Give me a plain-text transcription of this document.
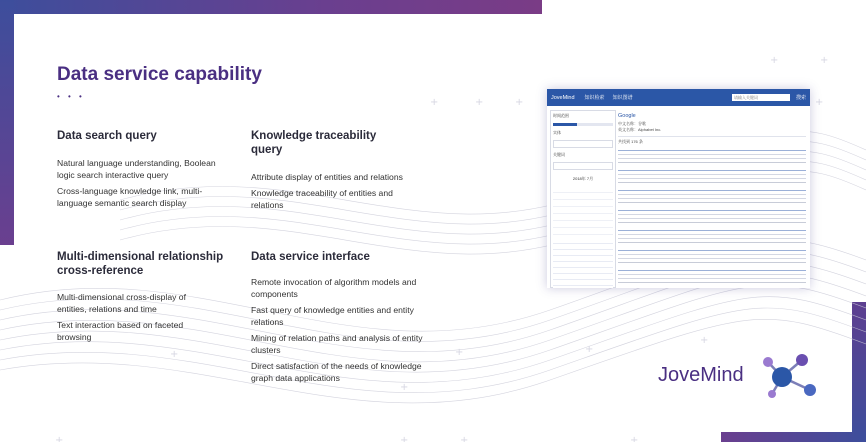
+	+	+
+	+
+
+
+	+
+	+	+
+
+
+
Data service capability
• • •
Data search query
Natural language understanding, Boolean logic search interactive query
Cross-language knowledge link, multi-language semantic search display
Knowledge traceability query
Attribute display of entities and relations
Knowledge traceability of entities and relations
Multi-dimensional relationship cross-reference
Multi-dimensional cross-display of entities, relations and time
Text interaction based on faceted browsing
Data service interface
Remote invocation of algorithm models and components
Fast query of knowledge entities and entity relations
Mining of relation paths and analysis of entity clusters
Direct satisfaction of the needs of knowledge graph data applications
JoveMind 知识检索 知识图谱	请输入关键词	搜索
时间范围
实体
关键词
2018年 7月
Google
中文名称：谷歌
英文名称：Alphabet Inc.
共找到 176 条
JoveMind
